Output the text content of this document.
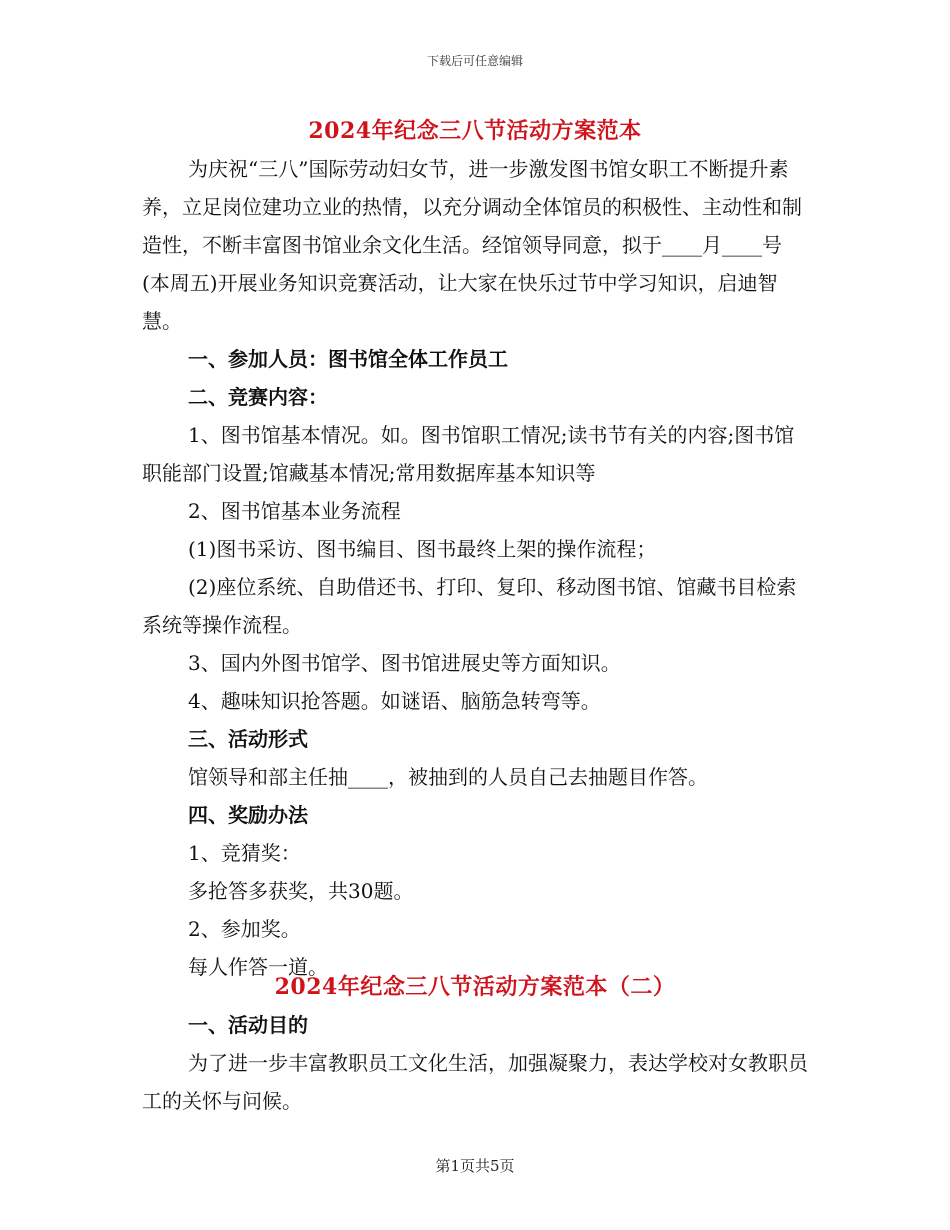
下载后可任意编辑
2024年纪念三八节活动方案范本

为庆祝“三八”国际劳动妇女节，进一步激发图书馆女职工不断提升素养，立足岗位建功立业的热情，以充分调动全体馆员的积极性、主动性和制造性，不断丰富图书馆业余文化生活。经馆领导同意，拟于____月____号(本周五)开展业务知识竞赛活动，让大家在快乐过节中学习知识，启迪智慧。

一、参加人员：图书馆全体工作员工

二、竞赛内容：

1、图书馆基本情况。如。图书馆职工情况;读书节有关的内容;图书馆职能部门设置;馆藏基本情况;常用数据库基本知识等

2、图书馆基本业务流程

(1)图书采访、图书编目、图书最终上架的操作流程；

(2)座位系统、自助借还书、打印、复印、移动图书馆、馆藏书目检索系统等操作流程。

3、国内外图书馆学、图书馆进展史等方面知识。

4、趣味知识抢答题。如谜语、脑筋急转弯等。

三、活动形式

馆领导和部主任抽____，被抽到的人员自己去抽题目作答。

四、奖励办法

1、竞猜奖：

多抢答多获奖，共30题。

2、参加奖。

每人作答一道。

2024年纪念三八节活动方案范本（二）

一、活动目的

为了进一步丰富教职员工文化生活，加强凝聚力，表达学校对女教职员工的关怀与问候。

第1页共5页
